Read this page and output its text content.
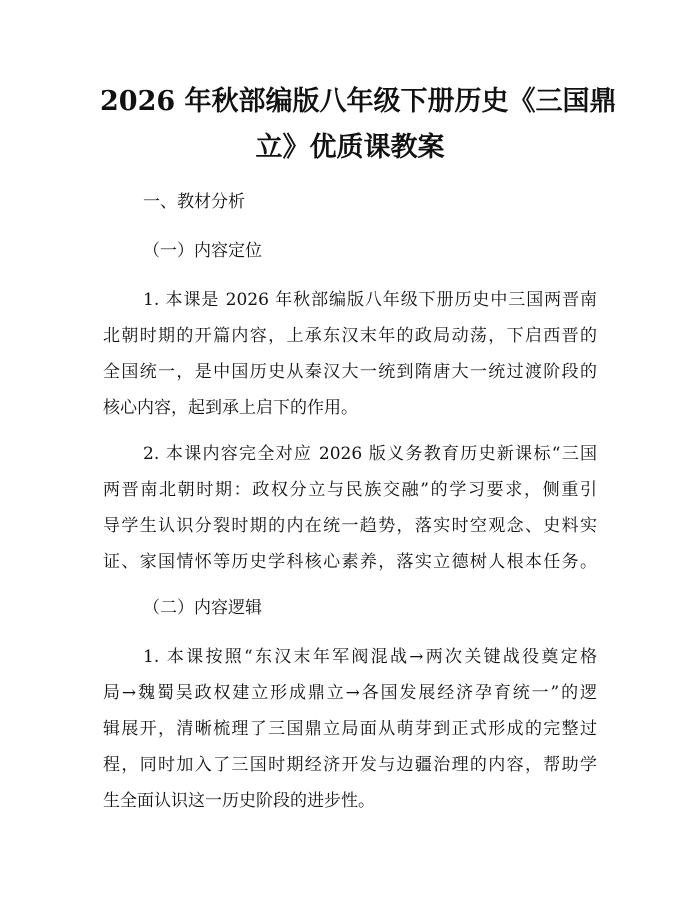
2026 年秋部编版八年级下册历史《三国鼎
立》优质课教案
一、教材分析
（一）内容定位
1. 本课是 2026 年秋部编版八年级下册历史中三国两晋南
北朝时期的开篇内容，上承东汉末年的政局动荡，下启西晋的
全国统一，是中国历史从秦汉大一统到隋唐大一统过渡阶段的
核心内容，起到承上启下的作用。
2. 本课内容完全对应 2026 版义务教育历史新课标“三国
两晋南北朝时期：政权分立与民族交融”的学习要求，侧重引
导学生认识分裂时期的内在统一趋势，落实时空观念、史料实
证、家国情怀等历史学科核心素养，落实立德树人根本任务。
（二）内容逻辑
1. 本课按照“东汉末年军阀混战→两次关键战役奠定格
局→魏蜀吴政权建立形成鼎立→各国发展经济孕育统一”的逻
辑展开，清晰梳理了三国鼎立局面从萌芽到正式形成的完整过
程，同时加入了三国时期经济开发与边疆治理的内容，帮助学
生全面认识这一历史阶段的进步性。
